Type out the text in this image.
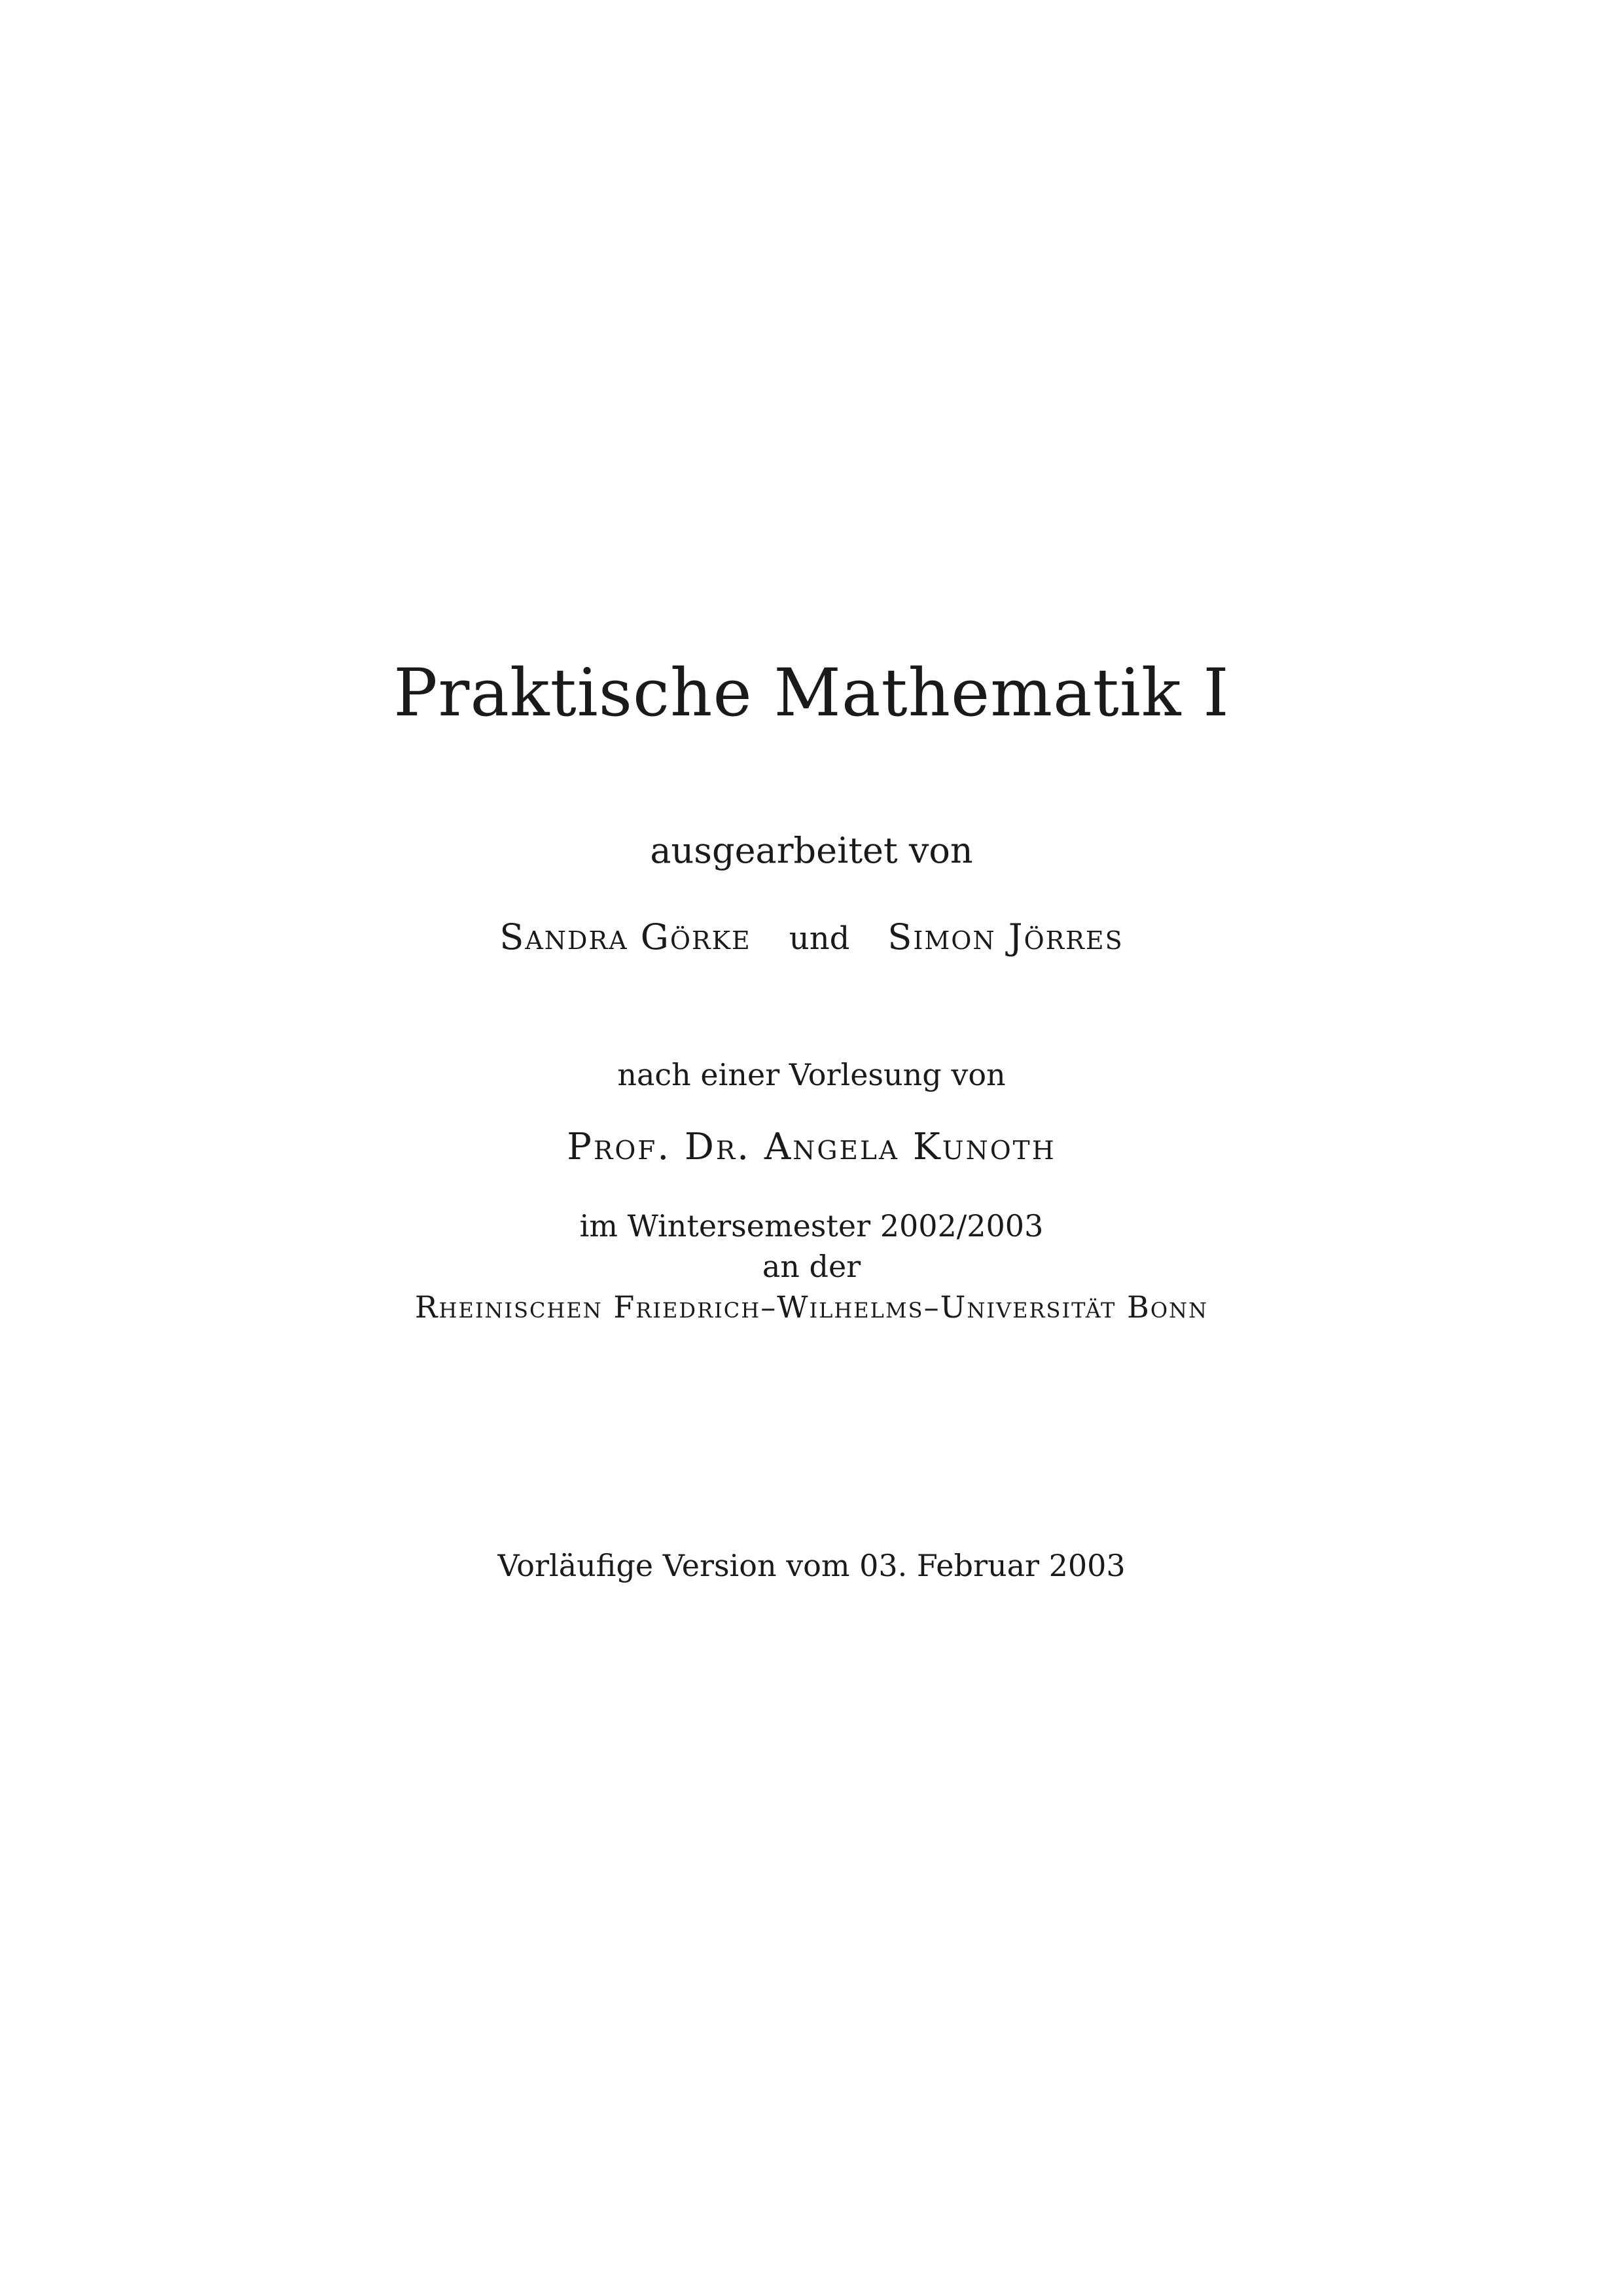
Praktische Mathematik I
ausgearbeitet von
Sandra Görke und Simon Jörres
nach einer Vorlesung von
Prof. Dr. Angela Kunoth
im Wintersemester 2002/2003
an der
Rheinischen Friedrich–Wilhelms–Universität Bonn
Vorläufige Version vom 03. Februar 2003
